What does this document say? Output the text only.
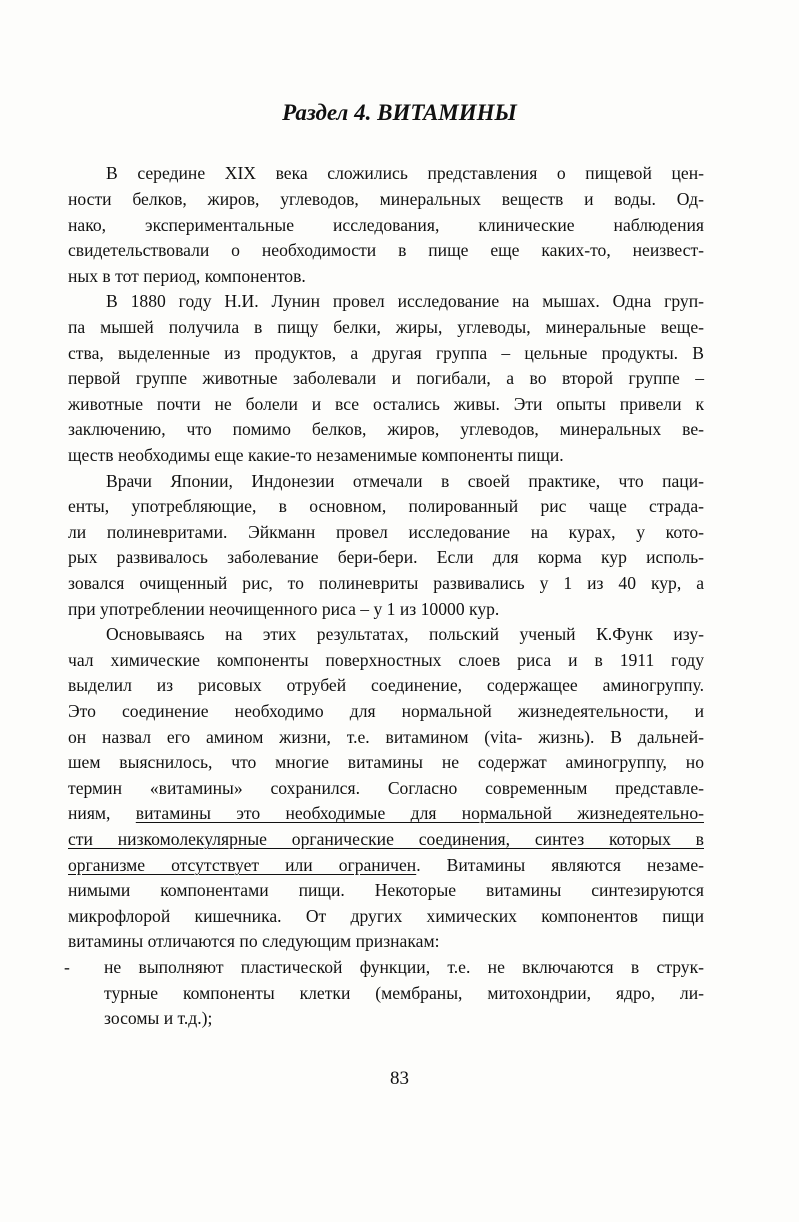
Раздел 4. ВИТАМИНЫ
В середине XIX века сложились представления о пищевой цен-
ности белков, жиров, углеводов, минеральных веществ и воды. Од-
нако, экспериментальные исследования, клинические наблюдения
свидетельствовали о необходимости в пище еще каких-то, неизвест-
ных в тот период, компонентов.
В 1880 году Н.И. Лунин провел исследование на мышах. Одна груп-
па мышей получила в пищу белки, жиры, углеводы, минеральные веще-
ства, выделенные из продуктов, а другая группа – цельные продукты. В
первой группе животные заболевали и погибали, а во второй группе –
животные почти не болели и все остались живы. Эти опыты привели к
заключению, что помимо белков, жиров, углеводов, минеральных ве-
ществ необходимы еще какие-то незаменимые компоненты пищи.
Врачи Японии, Индонезии отмечали в своей практике, что паци-
енты, употребляющие, в основном, полированный рис чаще страда-
ли полиневритами. Эйкманн провел исследование на курах, у кото-
рых развивалось заболевание бери-бери. Если для корма кур исполь-
зовался очищенный рис, то полиневриты развивались у 1 из 40 кур, а
при употреблении неочищенного риса – у 1 из 10000 кур.
Основываясь на этих результатах, польский ученый К.Функ изу-
чал химические компоненты поверхностных слоев риса и в 1911 году
выделил из рисовых отрубей соединение, содержащее аминогруппу.
Это соединение необходимо для нормальной жизнедеятельности, и
он назвал его амином жизни, т.е. витамином (vita- жизнь). В дальней-
шем выяснилось, что многие витамины не содержат аминогруппу, но
термин «витамины» сохранился. Согласно современным представле-
ниям, витамины это необходимые для нормальной жизнедеятельно-
сти низкомолекулярные органические соединения, синтез которых в
организме отсутствует или ограничен. Витамины являются незаме-
нимыми компонентами пищи. Некоторые витамины синтезируются
микрофлорой кишечника. От других химических компонентов пищи
витамины отличаются по следующим признакам:
- не выполняют пластической функции, т.е. не включаются в струк-
турные компоненты клетки (мембраны, митохондрии, ядро, ли-
зосомы и т.д.);
83
